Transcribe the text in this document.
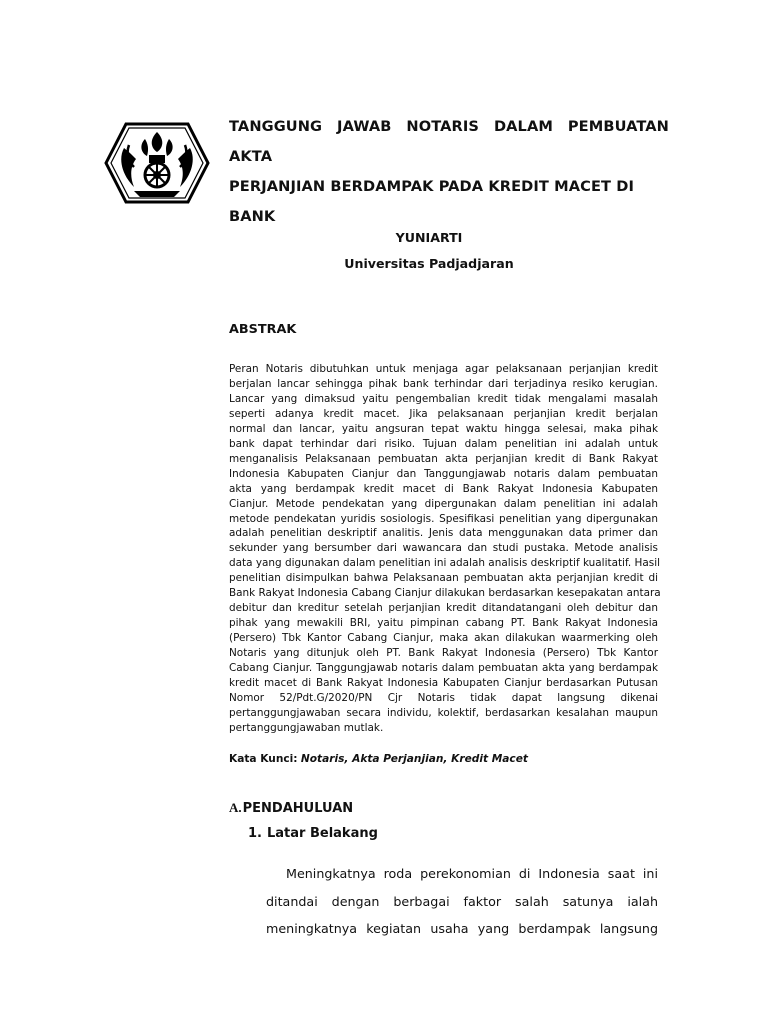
TANGGUNG JAWAB NOTARIS DALAM PEMBUATAN AKTA
PERJANJIAN BERDAMPAK PADA KREDIT MACET DI BANK
YUNIARTI
Universitas Padjadjaran
ABSTRAK
Peran Notaris dibutuhkan untuk menjaga agar pelaksanaan perjanjian kredit
berjalan lancar sehingga pihak bank terhindar dari terjadinya resiko kerugian.
Lancar yang dimaksud yaitu pengembalian kredit tidak mengalami masalah
seperti adanya kredit macet. Jika pelaksanaan perjanjian kredit berjalan
normal dan lancar, yaitu angsuran tepat waktu hingga selesai, maka pihak
bank dapat terhindar dari risiko. Tujuan dalam penelitian ini adalah untuk
menganalisis Pelaksanaan pembuatan akta perjanjian kredit di Bank Rakyat
Indonesia Kabupaten Cianjur dan Tanggungjawab notaris dalam pembuatan
akta yang berdampak kredit macet di Bank Rakyat Indonesia Kabupaten
Cianjur. Metode pendekatan yang dipergunakan dalam penelitian ini adalah
metode pendekatan yuridis sosiologis. Spesifikasi penelitian yang dipergunakan
adalah penelitian deskriptif analitis. Jenis data menggunakan data primer dan
sekunder yang bersumber dari wawancara dan studi pustaka. Metode analisis
data yang digunakan dalam penelitian ini adalah analisis deskriptif kualitatif. Hasil
penelitian disimpulkan bahwa Pelaksanaan pembuatan akta perjanjian kredit di
Bank Rakyat Indonesia Cabang Cianjur dilakukan berdasarkan kesepakatan antara
debitur dan kreditur setelah perjanjian kredit ditandatangani oleh debitur dan
pihak yang mewakili BRI, yaitu pimpinan cabang PT. Bank Rakyat Indonesia
(Persero) Tbk Kantor Cabang Cianjur, maka akan dilakukan waarmerking oleh
Notaris yang ditunjuk oleh PT. Bank Rakyat Indonesia (Persero) Tbk Kantor
Cabang Cianjur. Tanggungjawab notaris dalam pembuatan akta yang berdampak
kredit macet di Bank Rakyat Indonesia Kabupaten Cianjur berdasarkan Putusan
Nomor 52/Pdt.G/2020/PN Cjr Notaris tidak dapat langsung dikenai
pertanggungjawaban secara individu, kolektif, berdasarkan kesalahan maupun
pertanggungjawaban mutlak.
Kata Kunci: Notaris, Akta Perjanjian, Kredit Macet
A.PENDAHULUAN
1. Latar Belakang
Meningkatnya roda perekonomian di Indonesia saat ini
ditandai dengan berbagai faktor salah satunya ialah
meningkatnya kegiatan usaha yang berdampak langsung
